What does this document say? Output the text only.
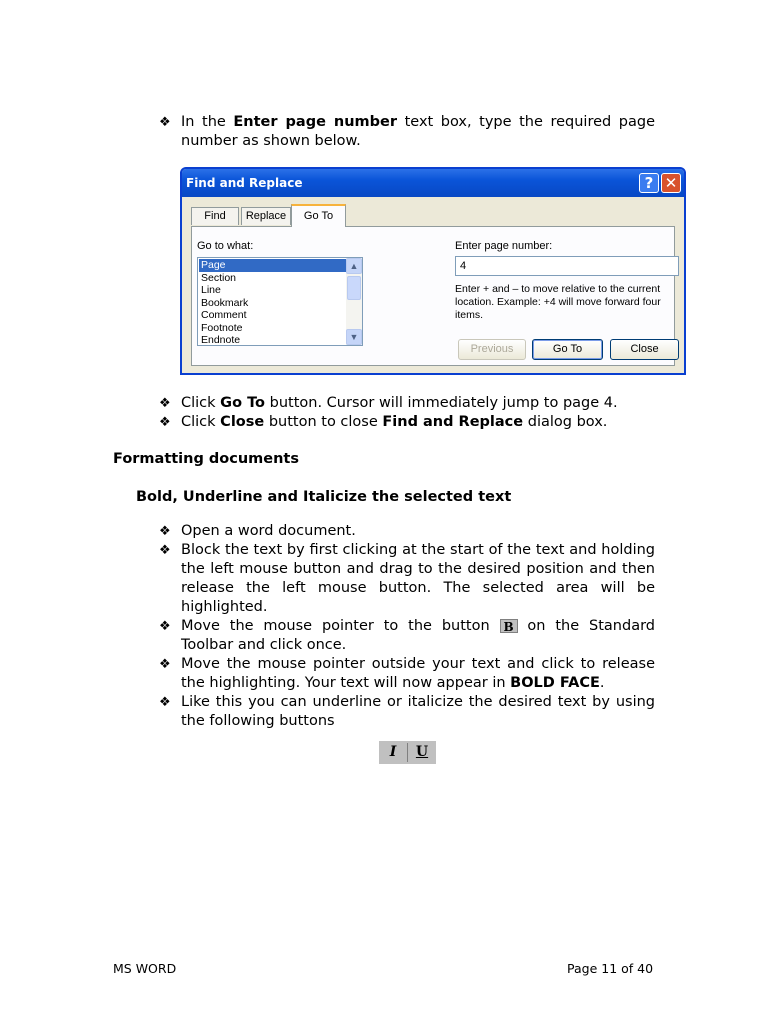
❖ In the Enter page number text box, type the required page number as shown below.
Find and Replace	? ✕
Find	Replace	Go To
Go to what:
Page
Section
Line
Bookmark
Comment
Footnote
Endnote
▲
▼
Enter page number:
4
Enter + and – to move relative to the current location. Example: +4 will move forward four items.
Previous	Go To	Close
❖ Click Go To button. Cursor will immediately jump to page 4.
❖ Click Close button to close Find and Replace dialog box.
Formatting documents
Bold, Underline and Italicize the selected text
❖ Open a word document.
❖ Block the text by first clicking at the start of the text and holding the left mouse button and drag to the desired position and then release the left mouse button. The selected area will be highlighted.
❖ Move the mouse pointer to the button B on the Standard Toolbar and click once.
❖ Move the mouse pointer outside your text and click to release the highlighting. Your text will now appear in BOLD FACE.
❖ Like this you can underline or italicize the desired text by using the following buttons
I	U
MS WORD	Page 11 of 40
